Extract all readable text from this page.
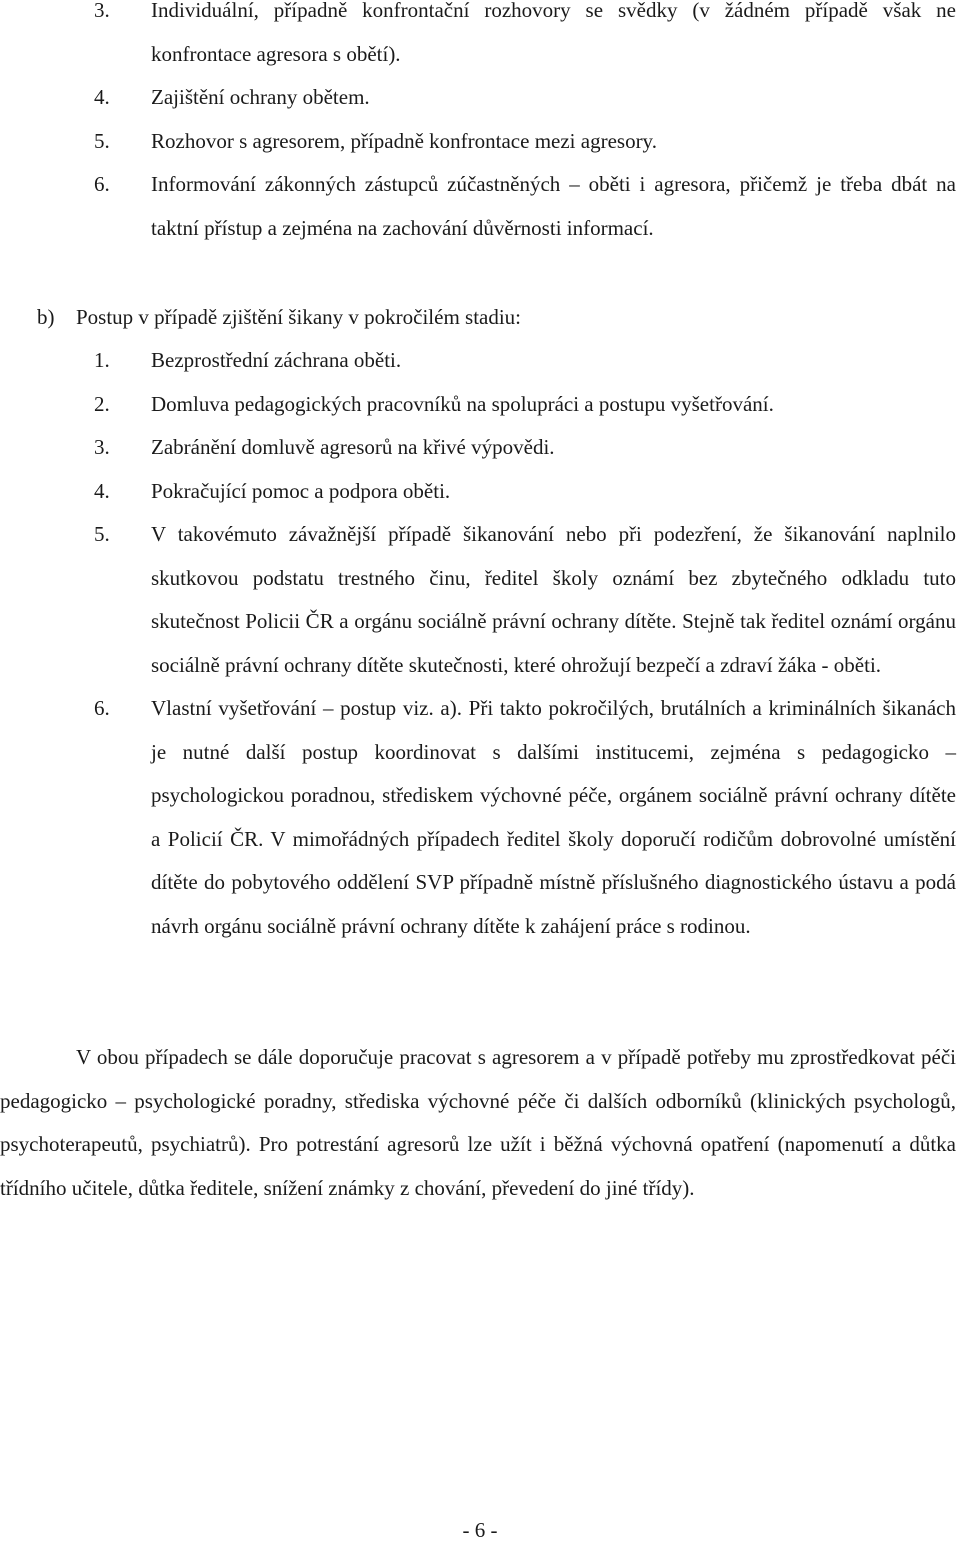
3. Individuální, případně konfrontační rozhovory se svědky (v žádném případě však ne konfrontace agresora s obětí).
4. Zajištění ochrany obětem.
5. Rozhovor s agresorem, případně konfrontace mezi agresory.
6. Informování zákonných zástupců zúčastněných – oběti i agresora, přičemž je třeba dbát na taktní přístup a zejména na zachování důvěrnosti informací.
b) Postup v případě zjištění šikany v pokročilém stadiu:
1. Bezprostřední záchrana oběti.
2. Domluva pedagogických pracovníků na spolupráci a postupu vyšetřování.
3. Zabránění domluvě agresorů na křivé výpovědi.
4. Pokračující pomoc a podpora oběti.
5. V takovémuto závažnější případě šikanování nebo při podezření, že šikanování naplnilo skutkovou podstatu trestného činu, ředitel školy oznámí bez zbytečného odkladu tuto skutečnost Policii ČR a orgánu sociálně právní ochrany dítěte. Stejně tak ředitel oznámí orgánu sociálně právní ochrany dítěte skutečnosti, které ohrožují bezpečí a zdraví žáka - oběti.
6. Vlastní vyšetřování – postup viz. a). Při takto pokročilých, brutálních a kriminálních šikanách je nutné další postup koordinovat s dalšími institucemi, zejména s pedagogicko – psychologickou poradnou, střediskem výchovné péče, orgánem sociálně právní ochrany dítěte a Policií ČR. V mimořádných případech ředitel školy doporučí rodičům dobrovolné umístění dítěte do pobytového oddělení SVP případně místně příslušného diagnostického ústavu a podá návrh orgánu sociálně právní ochrany dítěte k zahájení práce s rodinou.

V obou případech se dále doporučuje pracovat s agresorem a v případě potřeby mu zprostředkovat péči pedagogicko – psychologické poradny, střediska výchovné péče či dalších odborníků (klinických psychologů, psychoterapeutů, psychiatrů). Pro potrestání agresorů lze užít i běžná výchovná opatření (napomenutí a důtka třídního učitele, důtka ředitele, snížení známky z chování, převedení do jiné třídy).

- 6 -
